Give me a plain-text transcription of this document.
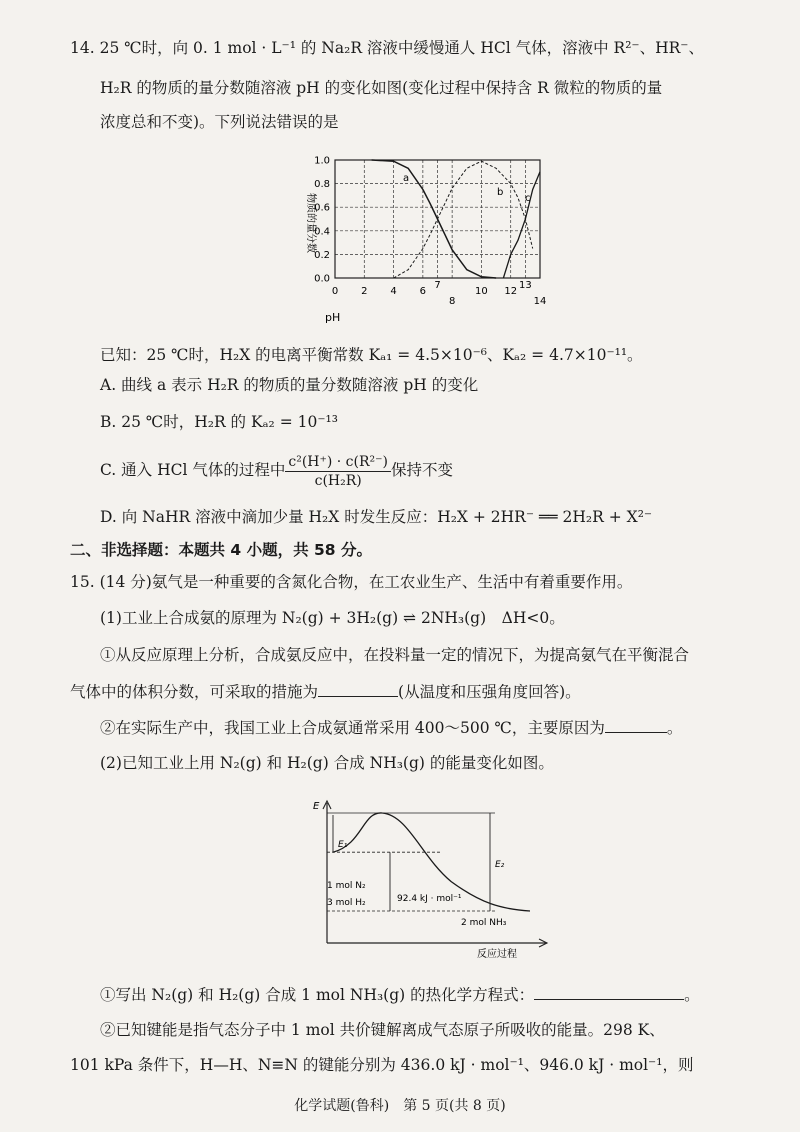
14. 25 ℃时，向 0. 1 mol · L⁻¹ 的 Na₂R 溶液中缓慢通人 HCl 气体，溶液中 R²⁻、HR⁻、
H₂R 的物质的量分数随溶液 pH 的变化如图(变化过程中保持含 R 微粒的物质的量
浓度总和不变)。下列说法错误的是
1.0
0.8
0.6
0.4
0.2
0.0
0 2 4 6
7
8
10 12
13
14
pH
物质的量分数
a
b
c
已知：25 ℃时，H₂X 的电离平衡常数 Kₐ₁ = 4.5×10⁻⁶、Kₐ₂ = 4.7×10⁻¹¹。
A. 曲线 a 表示 H₂R 的物质的量分数随溶液 pH 的变化
B. 25 ℃时，H₂R 的 Kₐ₂ = 10⁻¹³
C. 通入 HCl 气体的过程中 $\frac{\text{c²(H⁺) · c(R²⁻)}}{\text{c(H₂R)}}$ 保持不变
D. 向 NaHR 溶液中滴加少量 H₂X 时发生反应：H₂X + 2HR⁻ ══ 2H₂R + X²⁻
二、非选择题：本题共 4 小题，共 58 分。
15. (14 分)氨气是一种重要的含氮化合物，在工农业生产、生活中有着重要作用。
(1)工业上合成氨的原理为 N₂(g) + 3H₂(g) ⇌ 2NH₃(g)　ΔH<0。
①从反应原理上分析，合成氨反应中，在投料量一定的情况下，为提高氨气在平衡混合
气体中的体积分数，可采取的措施为	(从温度和压强角度回答)。
②在实际生产中，我国工业上合成氨通常采用 400～500 ℃，主要原因为	。
(2)已知工业上用 N₂(g) 和 H₂(g) 合成 NH₃(g) 的能量变化如图。
E
E₁
E₂
1 mol N₂
3 mol H₂	92.4 kJ · mol⁻¹
2 mol NH₃
反应过程
①写出 N₂(g) 和 H₂(g) 合成 1 mol NH₃(g) 的热化学方程式：	。
②已知键能是指气态分子中 1 mol 共价键解离成气态原子所吸收的能量。298 K、
101 kPa 条件下，H—H、N≡N 的键能分别为 436.0 kJ · mol⁻¹、946.0 kJ · mol⁻¹，则
化学试题(鲁科)　第 5 页(共 8 页)
